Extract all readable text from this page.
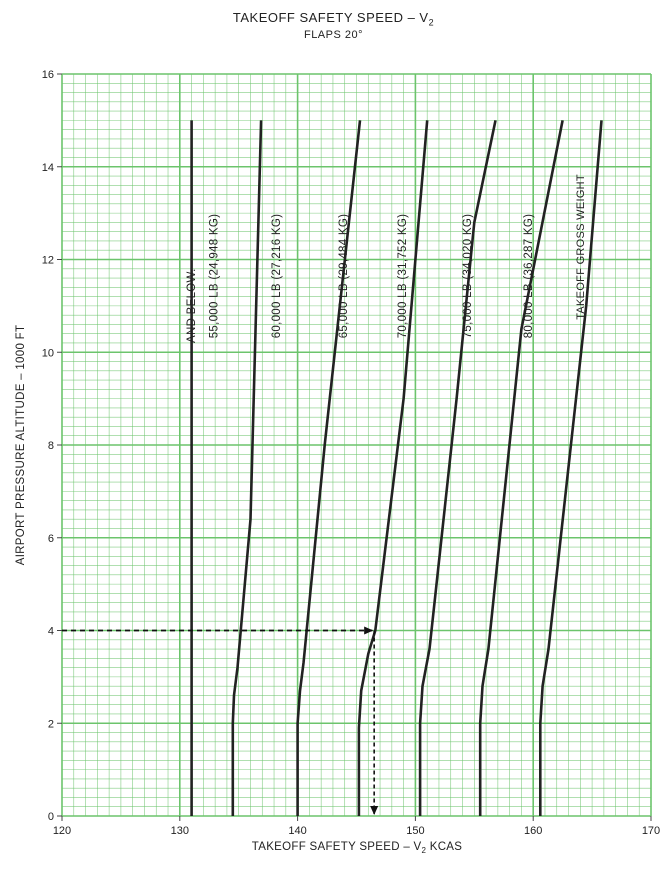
TAKEOFF SAFETY SPEED – $V_2$
FLAPS 20°
120	130	140	150	160	170
0
2
4
6
8
10
12
14
16
AND BELOW. 55,000 LB (24,948 KG)	60,000 LB (27,216 KG)	65,000 LB (29,484 KG)	70,000 LB (31,752 KG)	75,000 LB (34,020 KG)	80,000 LB (36,287 KG)
TAKEOFF SAFETY SPEED – $V_2$ KCAS
AIRPORT PRESSURE ALTITUDE – 1000 FT
TAKEOFF GROSS WEIGHT
